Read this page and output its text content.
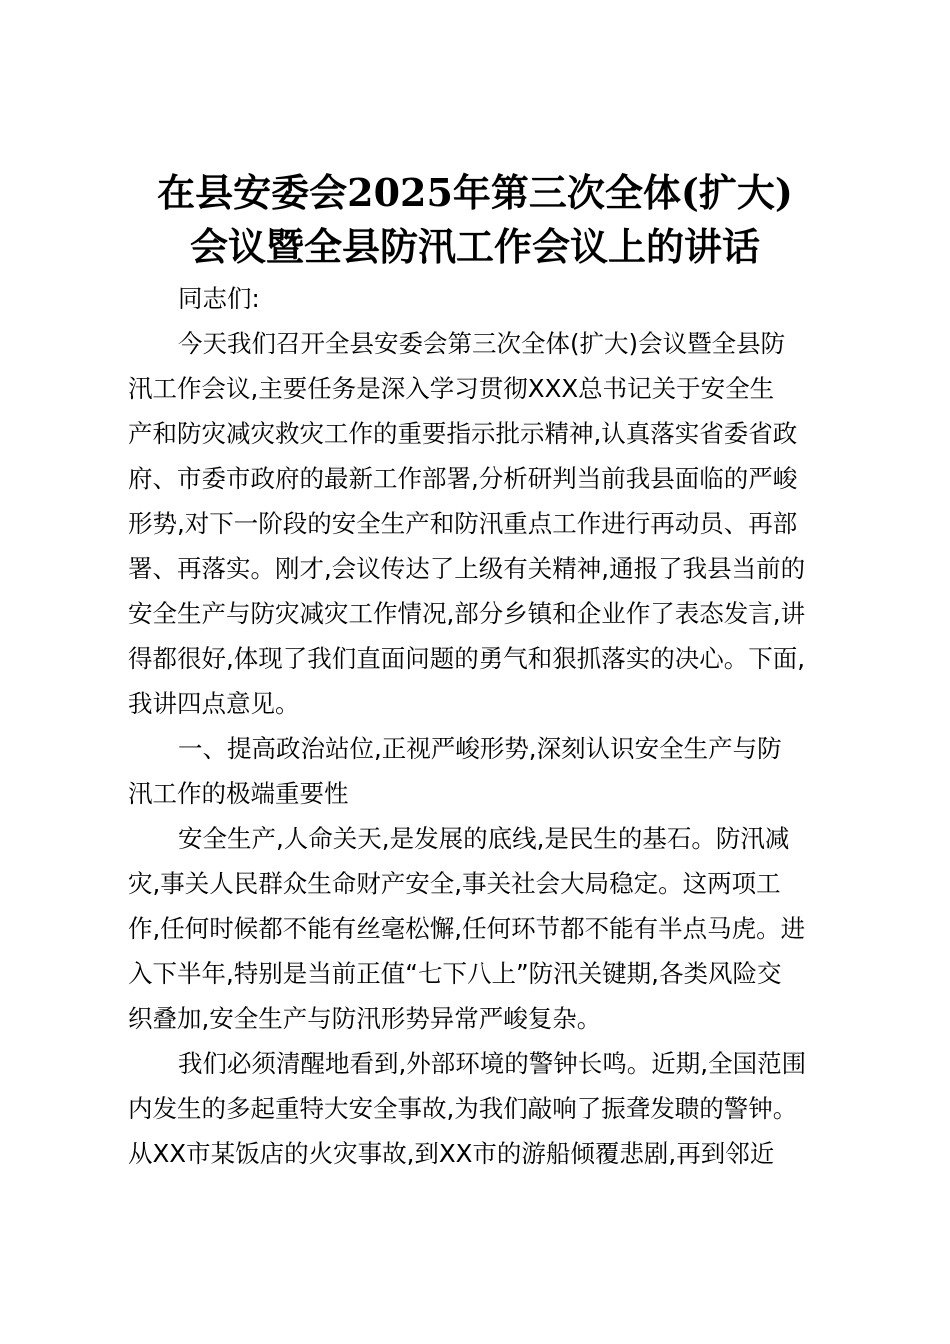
在县安委会2025年第三次全体(扩大)
会议暨全县防汛工作会议上的讲话
同志们:
今天我们召开全县安委会第三次全体(扩大)会议暨全县防
汛工作会议,主要任务是深入学习贯彻XXX总书记关于安全生
产和防灾减灾救灾工作的重要指示批示精神,认真落实省委省政
府、市委市政府的最新工作部署,分析研判当前我县面临的严峻
形势,对下一阶段的安全生产和防汛重点工作进行再动员、再部
署、再落实。刚才,会议传达了上级有关精神,通报了我县当前的
安全生产与防灾减灾工作情况,部分乡镇和企业作了表态发言,讲
得都很好,体现了我们直面问题的勇气和狠抓落实的决心。下面,
我讲四点意见。
一、提高政治站位,正视严峻形势,深刻认识安全生产与防
汛工作的极端重要性
安全生产,人命关天,是发展的底线,是民生的基石。防汛减
灾,事关人民群众生命财产安全,事关社会大局稳定。这两项工
作,任何时候都不能有丝毫松懈,任何环节都不能有半点马虎。进
入下半年,特别是当前正值“七下八上”防汛关键期,各类风险交
织叠加,安全生产与防汛形势异常严峻复杂。
我们必须清醒地看到,外部环境的警钟长鸣。近期,全国范围
内发生的多起重特大安全事故,为我们敲响了振聋发聩的警钟。
从XX市某饭店的火灾事故,到XX市的游船倾覆悲剧,再到邻近
